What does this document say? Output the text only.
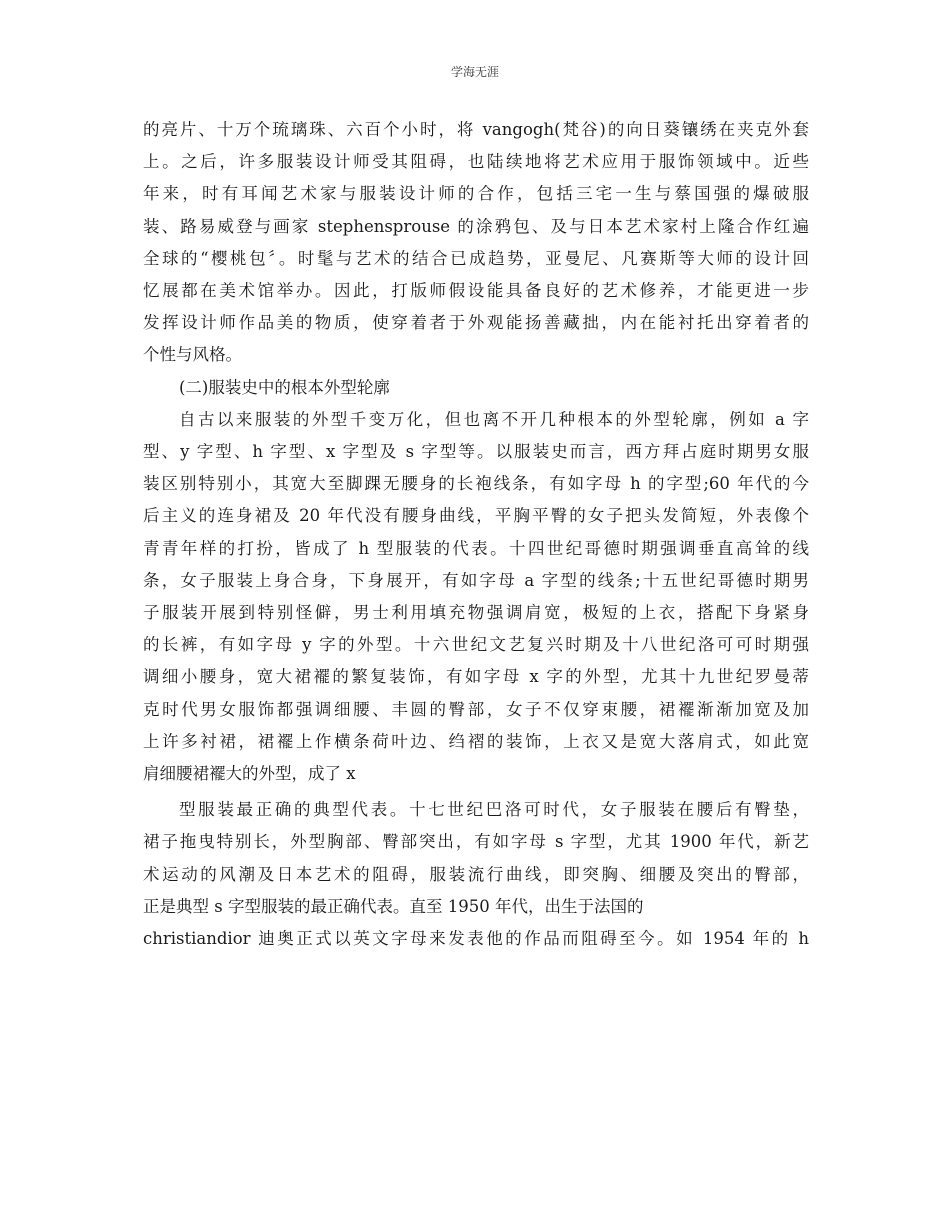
学海无涯

的亮片、十万个琉璃珠、六百个小时，将 vangogh(梵谷)的向日葵镶绣在夹克外套

上。之后，许多服装设计师受其阻碍，也陆续地将艺术应用于服饰领域中。近些

年来，时有耳闻艺术家与服装设计师的合作，包括三宅一生与蔡国强的爆破服

装、路易威登与画家 stephensprouse 的涂鸦包、及与日本艺术家村上隆合作红遍

全球的“樱桃包〞。时髦与艺术的结合已成趋势，亚曼尼、凡赛斯等大师的设计回

忆展都在美术馆举办。因此，打版师假设能具备良好的艺术修养，才能更进一步

发挥设计师作品美的物质，使穿着者于外观能扬善藏拙，内在能衬托出穿着者的

个性与风格。

(二)服装史中的根本外型轮廓

自古以来服装的外型千变万化，但也离不开几种根本的外型轮廓，例如 a 字

型、y 字型、h 字型、x 字型及 s 字型等。以服装史而言，西方拜占庭时期男女服

装区别特别小，其宽大至脚踝无腰身的长袍线条，有如字母 h 的字型;60 年代的今

后主义的连身裙及 20 年代没有腰身曲线，平胸平臀的女子把头发简短，外表像个

青青年样的打扮，皆成了 h 型服装的代表。十四世纪哥德时期强调垂直高耸的线

条，女子服装上身合身，下身展开，有如字母 a 字型的线条;十五世纪哥德时期男

子服装开展到特别怪僻，男士利用填充物强调肩宽，极短的上衣，搭配下身紧身

的长裤，有如字母 y 字的外型。十六世纪文艺复兴时期及十八世纪洛可可时期强

调细小腰身，宽大裙襬的繁复装饰，有如字母 x 字的外型，尤其十九世纪罗曼蒂

克时代男女服饰都强调细腰、丰圆的臀部，女子不仅穿束腰，裙襬渐渐加宽及加

上许多衬裙，裙襬上作横条荷叶边、绉褶的装饰，上衣又是宽大落肩式，如此宽

肩细腰裙襬大的外型，成了 x

型服装最正确的典型代表。十七世纪巴洛可时代，女子服装在腰后有臀垫，

裙子拖曳特别长，外型胸部、臀部突出，有如字母 s 字型，尤其 1900 年代，新艺

术运动的风潮及日本艺术的阻碍，服装流行曲线，即突胸、细腰及突出的臀部，

正是典型 s 字型服装的最正确代表。直至 1950 年代，出生于法国的

christiandior 迪奥正式以英文字母来发表他的作品而阻碍至今。如 1954 年的 h
